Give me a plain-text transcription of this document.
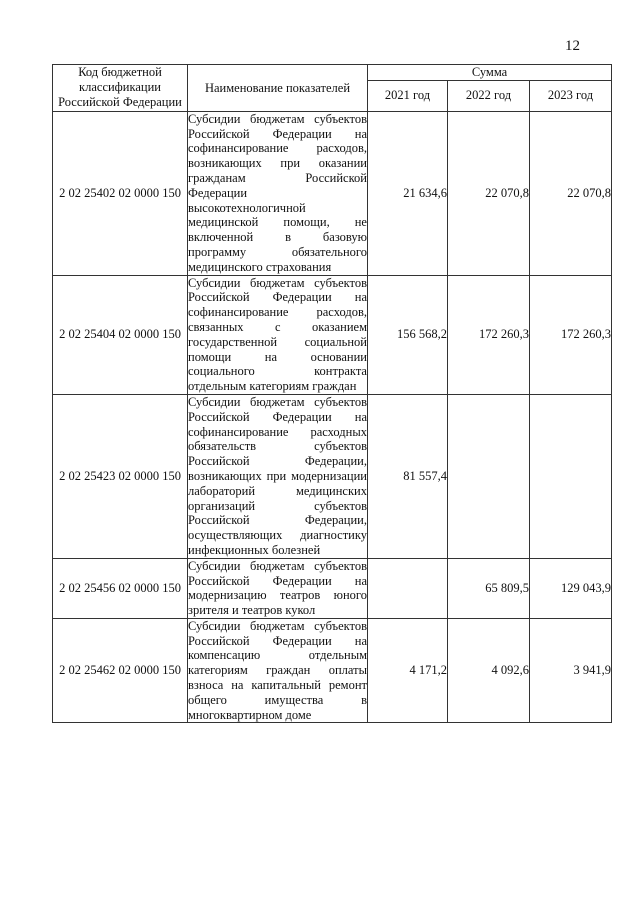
12
Код бюджетной классификации Российской Федерации	Наименование показателей	Сумма		
		2021 год	2022 год	2023 год
2 02 25402 02 0000 150	Субсидии бюджетам субъектов Российской Федерации на софинансирование расходов, возникающих при оказании гражданам Российской Федерации высокотехнологичной медицинской помощи, не включенной в базовую программу обязательного медицинского страхования	21 634,6	22 070,8	22 070,8
2 02 25404 02 0000 150	Субсидии бюджетам субъектов Российской Федерации на софинансирование расходов, связанных с оказанием государственной социальной помощи на основании социального контракта отдельным категориям граждан	156 568,2	172 260,3	172 260,3
2 02 25423 02 0000 150	Субсидии бюджетам субъектов Российской Федерации на софинансирование расходных обязательств субъектов Российской Федерации, возникающих при модернизации лабораторий медицинских организаций субъектов Российской Федерации, осуществляющих диагностику инфекционных болезней	81 557,4		
2 02 25456 02 0000 150	Субсидии бюджетам субъектов Российской Федерации на модернизацию театров юного зрителя и театров кукол		65 809,5	129 043,9
2 02 25462 02 0000 150	Субсидии бюджетам субъектов Российской Федерации на компенсацию отдельным категориям граждан оплаты взноса на капитальный ремонт общего имущества в многоквартирном доме	4 171,2	4 092,6	3 941,9
